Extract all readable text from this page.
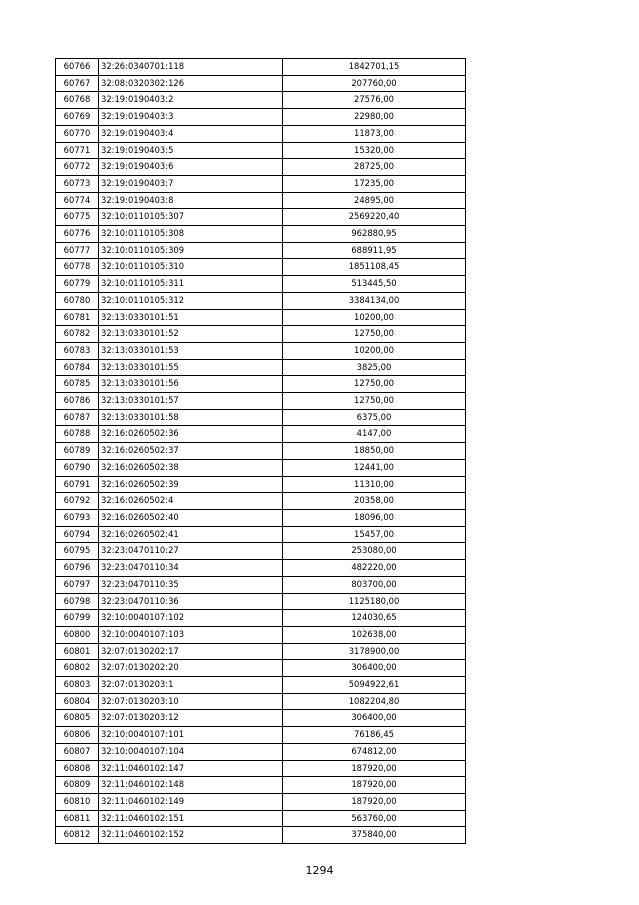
60766	32:26:0340701:118	1842701,15
60767	32:08:0320302:126	207760,00
60768	32:19:0190403:2	27576,00
60769	32:19:0190403:3	22980,00
60770	32:19:0190403:4	11873,00
60771	32:19:0190403:5	15320,00
60772	32:19:0190403:6	28725,00
60773	32:19:0190403:7	17235,00
60774	32:19:0190403:8	24895,00
60775	32:10:0110105:307	2569220,40
60776	32:10:0110105:308	962880,95
60777	32:10:0110105:309	688911,95
60778	32:10:0110105:310	1851108,45
60779	32:10:0110105:311	513445,50
60780	32:10:0110105:312	3384134,00
60781	32:13:0330101:51	10200,00
60782	32:13:0330101:52	12750,00
60783	32:13:0330101:53	10200,00
60784	32:13:0330101:55	3825,00
60785	32:13:0330101:56	12750,00
60786	32:13:0330101:57	12750,00
60787	32:13:0330101:58	6375,00
60788	32:16:0260502:36	4147,00
60789	32:16:0260502:37	18850,00
60790	32:16:0260502:38	12441,00
60791	32:16:0260502:39	11310,00
60792	32:16:0260502:4	20358,00
60793	32:16:0260502:40	18096,00
60794	32:16:0260502:41	15457,00
60795	32:23:0470110:27	253080,00
60796	32:23:0470110:34	482220,00
60797	32:23:0470110:35	803700,00
60798	32:23:0470110:36	1125180,00
60799	32:10:0040107:102	124030,65
60800	32:10:0040107:103	102638,00
60801	32:07:0130202:17	3178900,00
60802	32:07:0130202:20	306400,00
60803	32:07:0130203:1	5094922,61
60804	32:07:0130203:10	1082204,80
60805	32:07:0130203:12	306400,00
60806	32:10:0040107:101	76186,45
60807	32:10:0040107:104	674812,00
60808	32:11:0460102:147	187920,00
60809	32:11:0460102:148	187920,00
60810	32:11:0460102:149	187920,00
60811	32:11:0460102:151	563760,00
60812	32:11:0460102:152	375840,00
1294
